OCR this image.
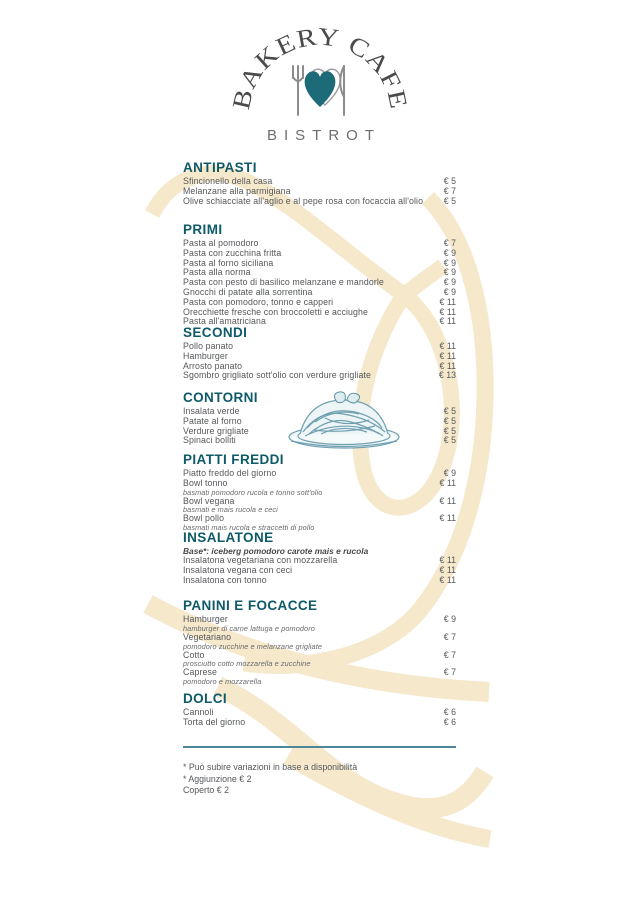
BAKERY CAFE
BISTROT
ANTIPASTI
Sfincionello della casa	€ 5
Melanzane alla parmigiana	€ 7
Olive schiacciate all'aglio e al pepe rosa con focaccia all'olio € 5
PRIMI
Pasta al pomodoro	€ 7
Pasta con zucchina fritta	€ 9
Pasta al forno siciliana	€ 9
Pasta alla norma	€ 9
Pasta con pesto di basilico melanzane e mandorle	€ 9
Gnocchi di patate alla sorrentina	€ 9
Pasta con pomodoro, tonno e capperi	€ 11
Orecchiette fresche con broccoletti e acciughe	€ 11
Pasta all'amatriciana	€ 11
SECONDI
Pollo panato	€ 11
Hamburger	€ 11
Arrosto panato	€ 11
Sgombro grigliato sott'olio con verdure grigliate	€ 13
CONTORNI
Insalata verde	€ 5
Patate al forno	€ 5
Verdure grigliate	€ 5
Spinaci bolliti	€ 5
PIATTI FREDDI
Piatto freddo del giorno	€ 9
Bowl tonno	€ 11
basmati pomodoro rucola e tonno sott'olio
Bowl vegana	€ 11
basmati e mais rucola e ceci
Bowl pollo	€ 11
basmati mais rucola e straccetti di pollo
INSALATONE
Base*: iceberg pomodoro carote mais e rucola
Insalatona vegetariana con mozzarella	€ 11
Insalatona vegana con ceci	€ 11
Insalatona con tonno	€ 11
PANINI E FOCACCE
Hamburger	€ 9
hamburger di carne lattuga e pomodoro
Vegetariano	€ 7
pomodoro zucchine e melanzane grigliate
Cotto	€ 7
prosciutto cotto mozzarella e zucchine
Caprese	€ 7
pomodoro e mozzarella
DOLCI
Cannoli	€ 6
Torta del giorno	€ 6
* Può subire variazioni in base a disponibilità
* Aggiunzione € 2
Coperto € 2
